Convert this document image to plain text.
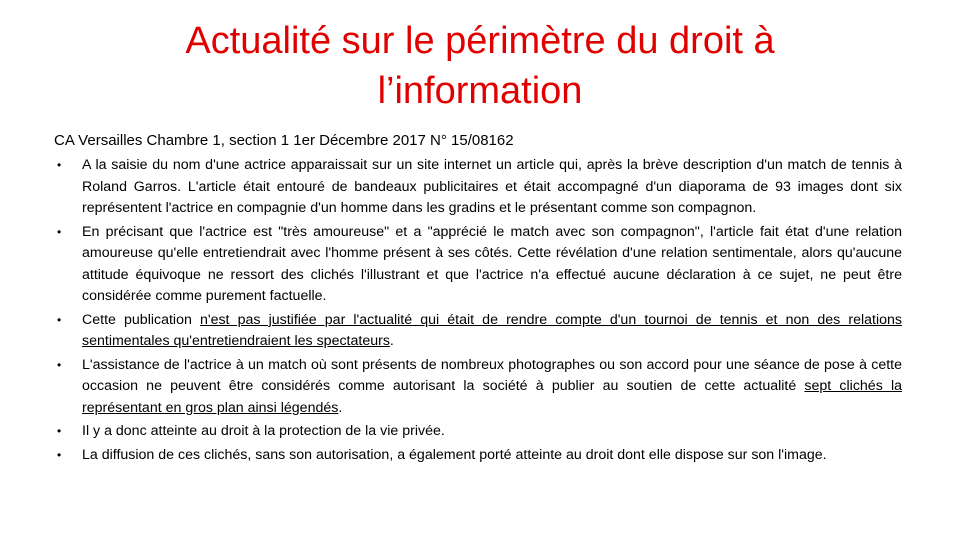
Actualité sur le périmètre du droit à
l’information
CA Versailles Chambre 1, section 1 1er Décembre 2017 N° 15/08162
• A la saisie du nom d'une actrice apparaissait sur un site internet un article qui, après la brève description d'un match de tennis à Roland Garros. L'article était entouré de bandeaux publicitaires et était accompagné d'un diaporama de 93 images dont six représentent l'actrice en compagnie d'un homme dans les gradins et le présentant comme son compagnon.
• En précisant que l'actrice est "très amoureuse" et a "apprécié le match avec son compagnon", l'article fait état d'une relation amoureuse qu'elle entretiendrait avec l'homme présent à ses côtés. Cette révélation d'une relation sentimentale, alors qu'aucune attitude équivoque ne ressort des clichés l'illustrant et que l'actrice n'a effectué aucune déclaration à ce sujet, ne peut être considérée comme purement factuelle.
• Cette publication n'est pas justifiée par l'actualité qui était de rendre compte d'un tournoi de tennis et non des relations sentimentales qu'entretiendraient les spectateurs.
• L'assistance de l'actrice à un match où sont présents de nombreux photographes ou son accord pour une séance de pose à cette occasion ne peuvent être considérés comme autorisant la société à publier au soutien de cette actualité sept clichés la représentant en gros plan ainsi légendés.
• Il y a donc atteinte au droit à la protection de la vie privée.
• La diffusion de ces clichés, sans son autorisation, a également porté atteinte au droit dont elle dispose sur son l'image.
